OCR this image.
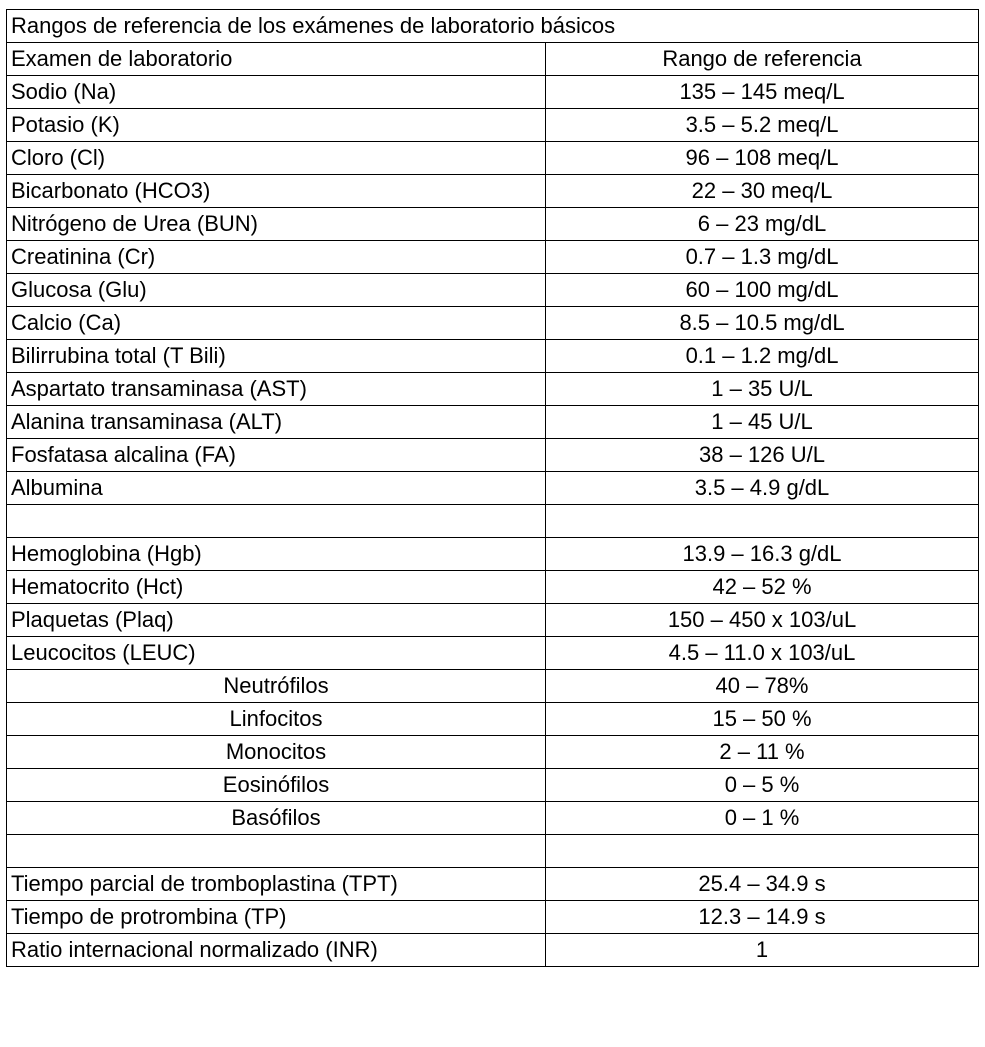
Rangos de referencia de los exámenes de laboratorio básicos	
Examen de laboratorio	Rango de referencia
Sodio (Na)	135 – 145 meq/L
Potasio (K)	3.5 – 5.2 meq/L
Cloro (Cl)	96 – 108 meq/L
Bicarbonato (HCO3)	22 – 30 meq/L
Nitrógeno de Urea (BUN)	6 – 23 mg/dL
Creatinina (Cr)	0.7 – 1.3 mg/dL
Glucosa (Glu)	60 – 100 mg/dL
Calcio (Ca)	8.5 – 10.5 mg/dL
Bilirrubina total (T Bili)	0.1 – 1.2 mg/dL
Aspartato transaminasa (AST)	1 – 35 U/L
Alanina transaminasa (ALT)	1 – 45 U/L
Fosfatasa alcalina (FA)	38 – 126 U/L
Albumina	3.5 – 4.9 g/dL

Hemoglobina (Hgb)	13.9 – 16.3 g/dL
Hematocrito (Hct)	42 – 52 %
Plaquetas (Plaq)	150 – 450 x 103/uL
Leucocitos (LEUC)	4.5 – 11.0 x 103/uL
Neutrófilos	40 – 78%
Linfocitos	15 – 50 %
Monocitos	2 – 11 %
Eosinófilos	0 – 5 %
Basófilos	0 – 1 %

Tiempo parcial de tromboplastina (TPT)	25.4 – 34.9 s
Tiempo de protrombina (TP)	12.3 – 14.9 s
Ratio internacional normalizado (INR)	1
